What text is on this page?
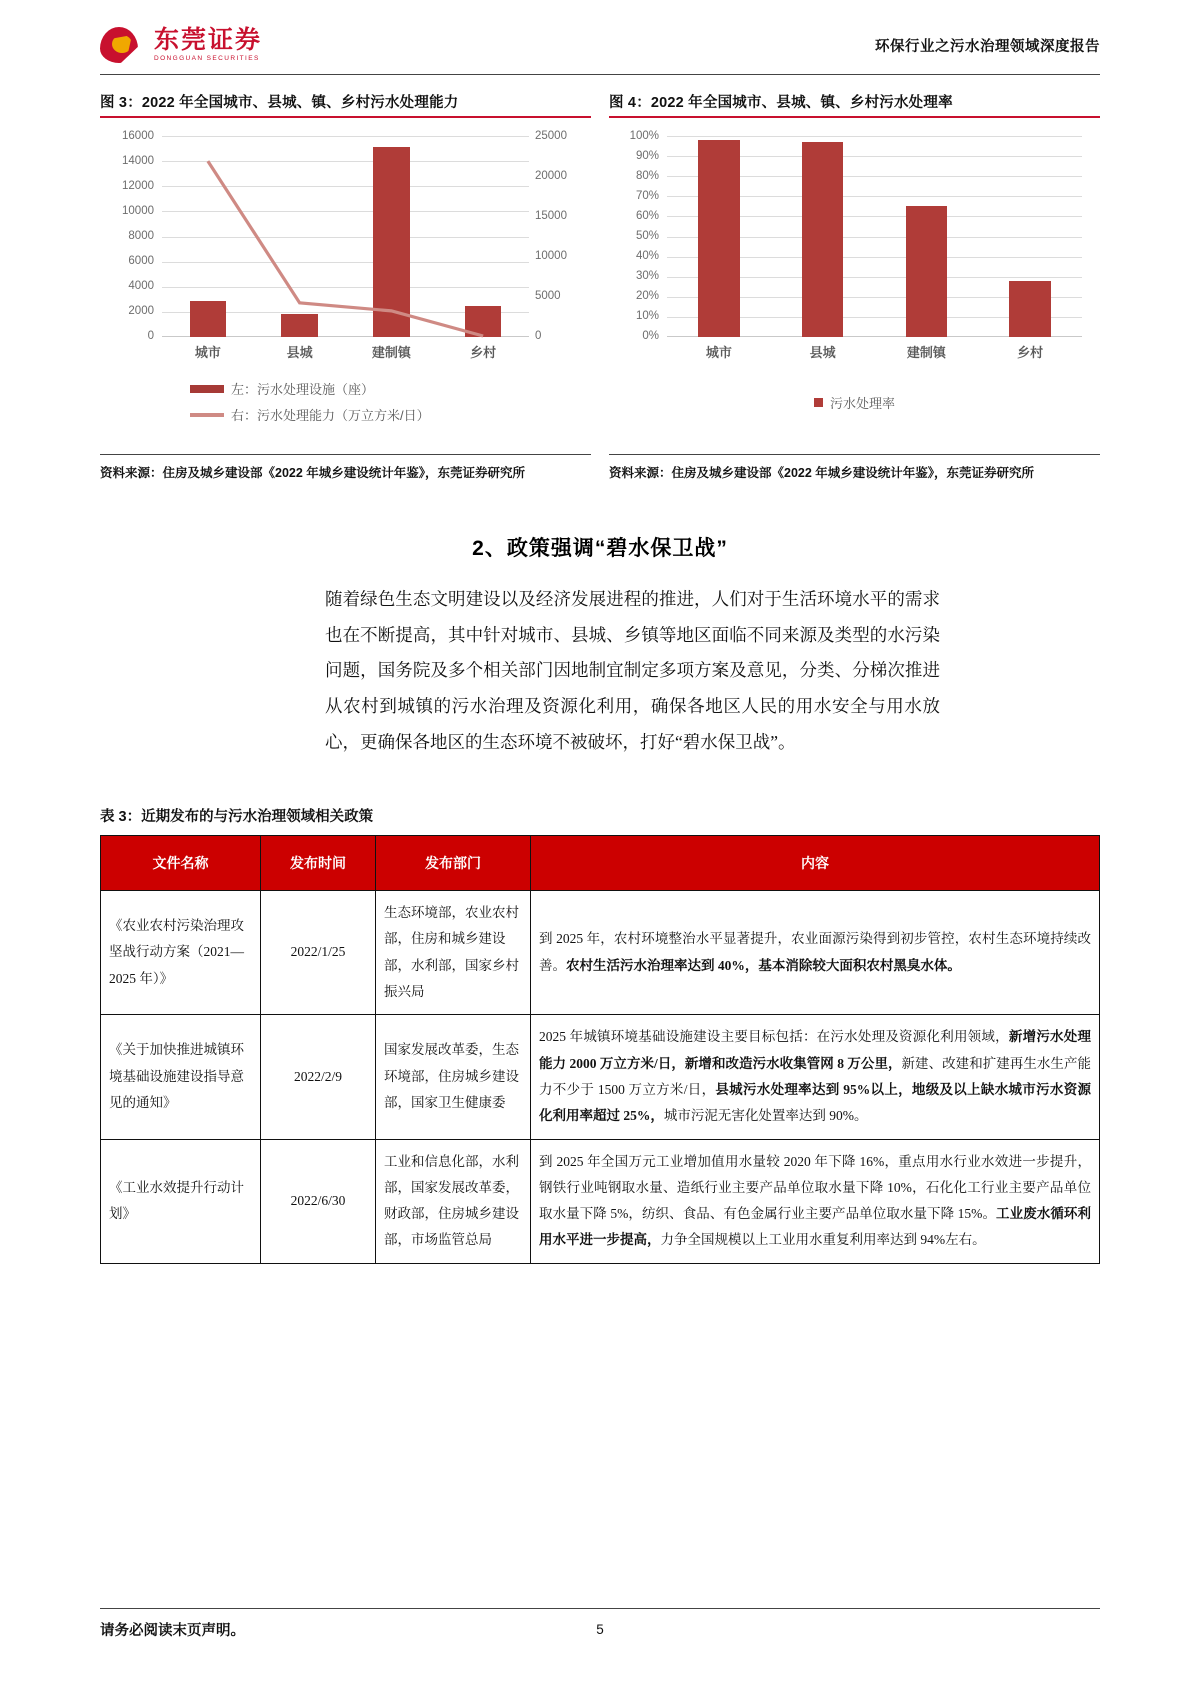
东莞证券
DONGGUAN SECURITIES
环保行业之污水治理领域深度报告
图 3：2022 年全国城市、县城、镇、乡村污水处理能力
16000
14000
12000
10000
8000
6000
4000
2000
0
25000
20000
15000
10000
5000
0
城市	县城	建制镇	乡村
左：污水处理设施（座）
右：污水处理能力（万立方米/日）
资料来源：住房及城乡建设部《2022 年城乡建设统计年鉴》，东莞证券研究所
图 4：2022 年全国城市、县城、镇、乡村污水处理率
100%
90%
80%
70%
60%
50%
40%
30%
20%
10%
0%
城市	县城	建制镇	乡村
污水处理率
资料来源：住房及城乡建设部《2022 年城乡建设统计年鉴》，东莞证券研究所
2、政策强调“碧水保卫战”
随着绿色生态文明建设以及经济发展进程的推进，人们对于生活环境水平的需求也在不断提高，其中针对城市、县城、乡镇等地区面临不同来源及类型的水污染问题，国务院及多个相关部门因地制宜制定多项方案及意见，分类、分梯次推进从农村到城镇的污水治理及资源化利用，确保各地区人民的用水安全与用水放心，更确保各地区的生态环境不被破坏，打好“碧水保卫战”。
表 3：近期发布的与污水治理领域相关政策
文件名称	发布时间	发布部门	内容
《农业农村污染治理攻坚战行动方案（2021—2025 年）》	2022/1/25	生态环境部，农业农村部，住房和城乡建设部，水利部，国家乡村振兴局	到 2025 年，农村环境整治水平显著提升，农业面源污染得到初步管控，农村生态环境持续改善。农村生活污水治理率达到 40%，基本消除较大面积农村黑臭水体。
《关于加快推进城镇环境基础设施建设指导意见的通知》	2022/2/9	国家发展改革委，生态环境部，住房城乡建设部，国家卫生健康委	2025 年城镇环境基础设施建设主要目标包括：在污水处理及资源化利用领域，新增污水处理能力 2000 万立方米/日，新增和改造污水收集管网 8 万公里，新建、改建和扩建再生水生产能力不少于 1500 万立方米/日，县城污水处理率达到 95%以上，地级及以上缺水城市污水资源化利用率超过 25%，城市污泥无害化处置率达到 90%。
《工业水效提升行动计划》	2022/6/30	工业和信息化部，水利部，国家发展改革委，财政部，住房城乡建设部，市场监管总局	到 2025 年全国万元工业增加值用水量较 2020 年下降 16%，重点用水行业水效进一步提升，钢铁行业吨钢取水量、造纸行业主要产品单位取水量下降 10%，石化化工行业主要产品单位取水量下降 5%，纺织、食品、有色金属行业主要产品单位取水量下降 15%。工业废水循环利用水平进一步提高，力争全国规模以上工业用水重复利用率达到 94%左右。
请务必阅读末页声明。	5
